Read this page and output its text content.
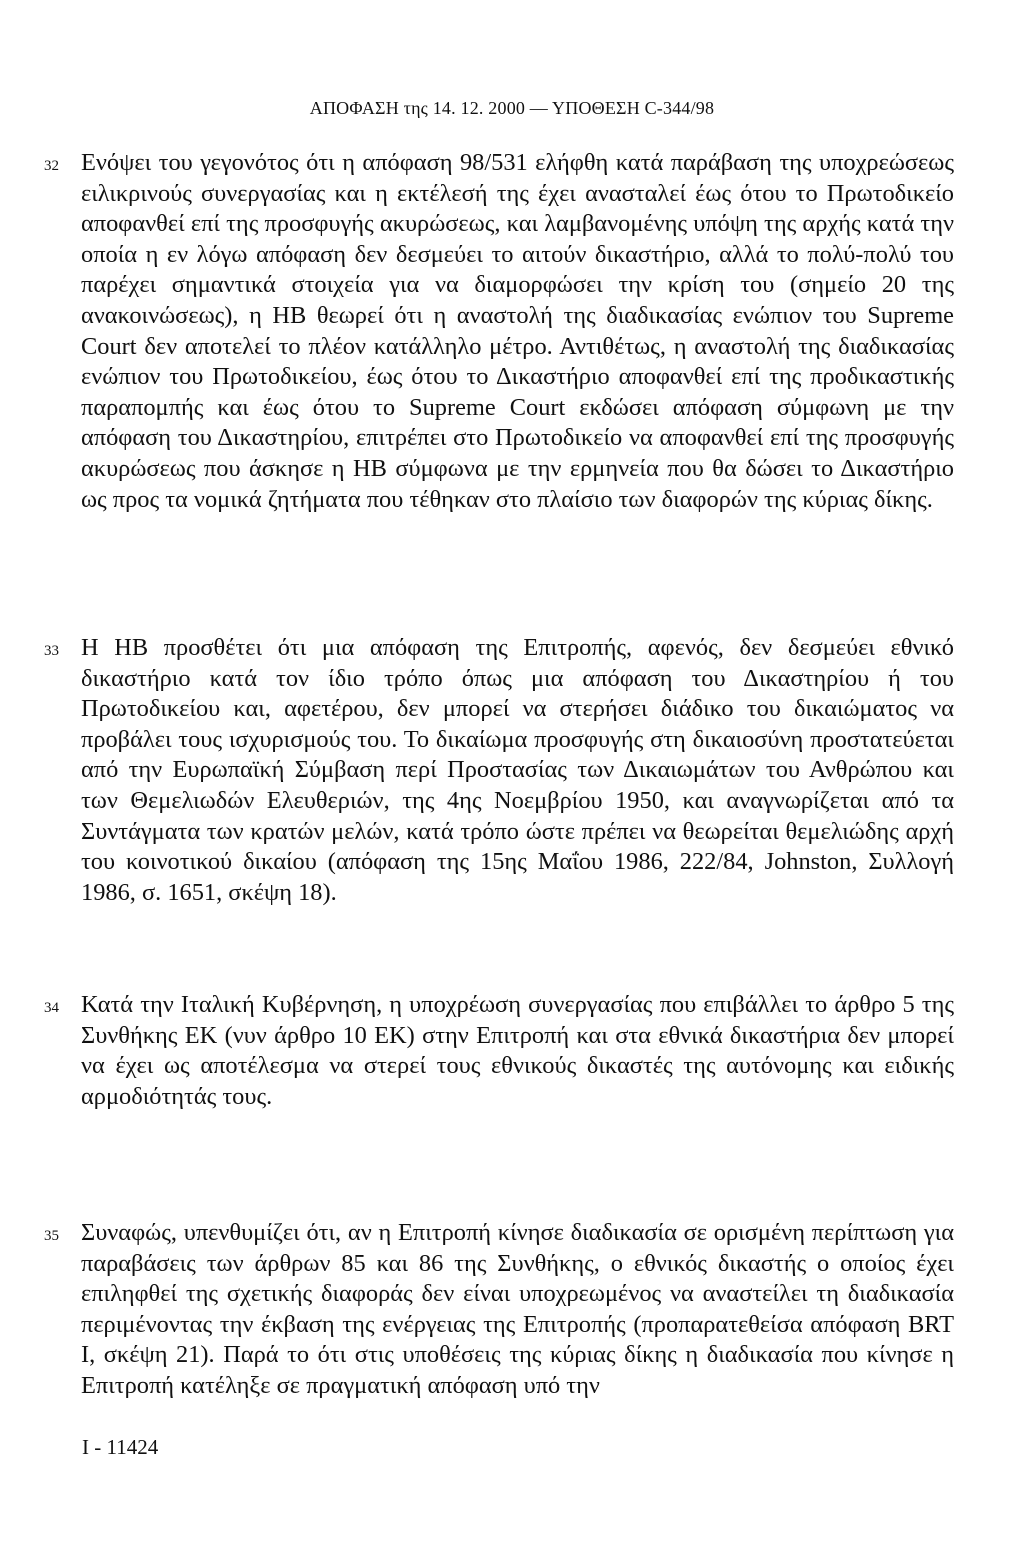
ΑΠΟΦΑΣΗ της 14. 12. 2000 — ΥΠΟΘΕΣΗ C-344/98
32 Ενόψει του γεγονότος ότι η απόφαση 98/531 ελήφθη κατά παράβαση της υποχρεώσεως ειλικρινούς συνεργασίας και η εκτέλεσή της έχει ανασταλεί έως ότου το Πρωτοδικείο αποφανθεί επί της προσφυγής ακυρώσεως, και λαμβανομένης υπόψη της αρχής κατά την οποία η εν λόγω απόφαση δεν δεσμεύει το αιτούν δικαστήριο, αλλά το πολύ-πολύ του παρέχει σημαντικά στοιχεία για να διαμορφώσει την κρίση του (σημείο 20 της ανακοινώσεως), η HB θεωρεί ότι η αναστολή της διαδικασίας ενώπιον του Supreme Court δεν αποτελεί το πλέον κατάλληλο μέτρο. Αντιθέτως, η αναστολή της διαδικασίας ενώπιον του Πρωτοδικείου, έως ότου το Δικαστήριο αποφανθεί επί της προδικαστικής παραπομπής και έως ότου το Supreme Court εκδώσει απόφαση σύμφωνη με την απόφαση του Δικαστηρίου, επιτρέπει στο Πρωτοδικείο να αποφανθεί επί της προσφυγής ακυρώσεως που άσκησε η HB σύμφωνα με την ερμηνεία που θα δώσει το Δικαστήριο ως προς τα νομικά ζητήματα που τέθηκαν στο πλαίσιο των διαφορών της κύριας δίκης.
33 Η HB προσθέτει ότι μια απόφαση της Επιτροπής, αφενός, δεν δεσμεύει εθνικό δικαστήριο κατά τον ίδιο τρόπο όπως μια απόφαση του Δικαστηρίου ή του Πρωτοδικείου και, αφετέρου, δεν μπορεί να στερήσει διάδικο του δικαιώματος να προβάλει τους ισχυρισμούς του. Το δικαίωμα προσφυγής στη δικαιοσύνη προστατεύεται από την Ευρωπαϊκή Σύμβαση περί Προστασίας των Δικαιωμάτων του Ανθρώπου και των Θεμελιωδών Ελευθεριών, της 4ης Νοεμβρίου 1950, και αναγνωρίζεται από τα Συντάγματα των κρατών μελών, κατά τρόπο ώστε πρέπει να θεωρείται θεμελιώδης αρχή του κοινοτικού δικαίου (απόφαση της 15ης Μαΐου 1986, 222/84, Johnston, Συλλογή 1986, σ. 1651, σκέψη 18).
34 Κατά την Ιταλική Κυβέρνηση, η υποχρέωση συνεργασίας που επιβάλλει το άρθρο 5 της Συνθήκης ΕΚ (νυν άρθρο 10 ΕΚ) στην Επιτροπή και στα εθνικά δικαστήρια δεν μπορεί να έχει ως αποτέλεσμα να στερεί τους εθνικούς δικαστές της αυτόνομης και ειδικής αρμοδιότητάς τους.
35 Συναφώς, υπενθυμίζει ότι, αν η Επιτροπή κίνησε διαδικασία σε ορισμένη περίπτωση για παραβάσεις των άρθρων 85 και 86 της Συνθήκης, ο εθνικός δικαστής ο οποίος έχει επιληφθεί της σχετικής διαφοράς δεν είναι υποχρεωμένος να αναστείλει τη διαδικασία περιμένοντας την έκβαση της ενέργειας της Επιτροπής (προπαρατεθείσα απόφαση BRT I, σκέψη 21). Παρά το ότι στις υποθέσεις της κύριας δίκης η διαδικασία που κίνησε η Επιτροπή κατέληξε σε πραγματική απόφαση υπό την
I - 11424
